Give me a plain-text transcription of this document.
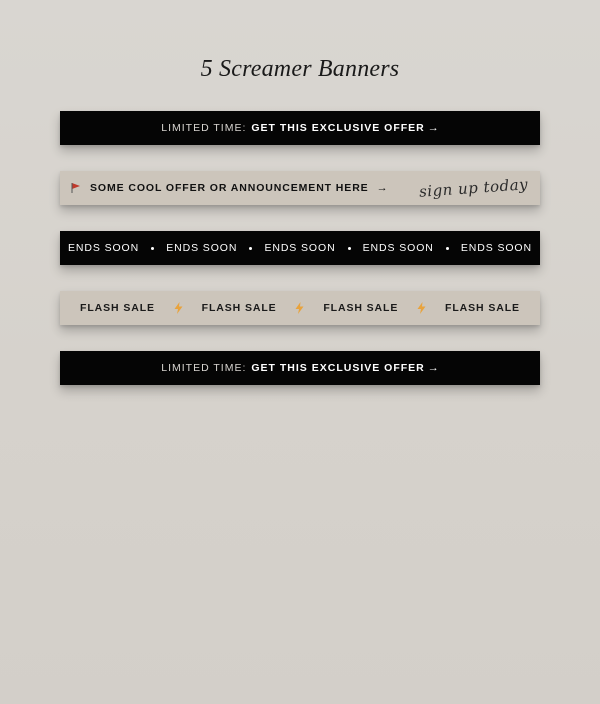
5 Screamer Banners
LIMITED TIME: GET THIS EXCLUSIVE OFFER →
SOME COOL OFFER OR ANNOUNCEMENT HERE → sign up today
ENDS SOON	ENDS SOON	ENDS SOON	ENDS SOON	ENDS SOON
FLASH SALE	FLASH SALE	FLASH SALE	FLASH SALE
LIMITED TIME: GET THIS EXCLUSIVE OFFER →
